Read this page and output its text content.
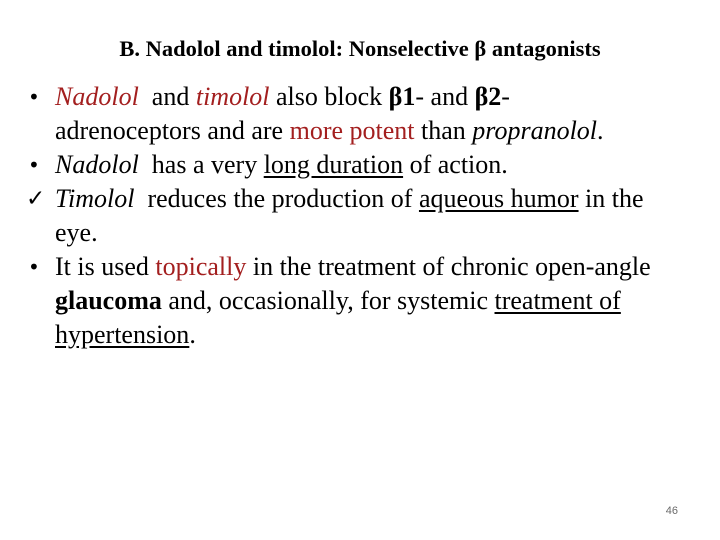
B. Nadolol and timolol: Nonselective β antagonists
• Nadolol  and timolol also block β1- and β2-adrenoceptors and are more potent than propranolol.
• Nadolol  has a very long duration of action.
✓ Timolol  reduces the production of aqueous humor in the eye.
• It is used topically in the treatment of chronic open-angle glaucoma and, occasionally, for systemic treatment of hypertension.
46
